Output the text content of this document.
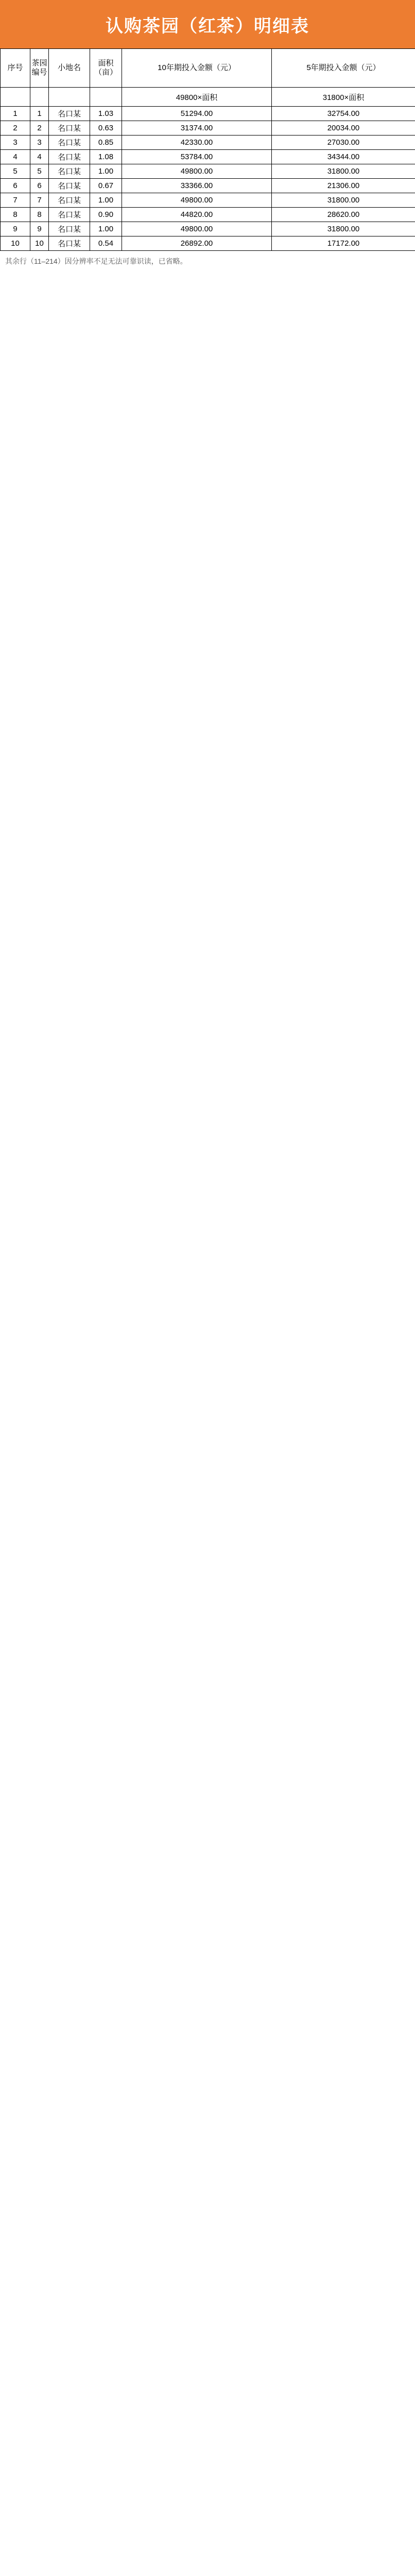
认购茶园（红茶）明细表
序号	茶园编号	小地名	面积（亩）	10年期投入金额（元）	5年期投入金额（元）
				49800×面积	31800×面积
1	1	名口某	1.03	51294.00	32754.00
2	2	名口某	0.63	31374.00	20034.00
3	3	名口某	0.85	42330.00	27030.00
4	4	名口某	1.08	53784.00	34344.00
5	5	名口某	1.00	49800.00	31800.00
6	6	名口某	0.67	33366.00	21306.00
7	7	名口某	1.00	49800.00	31800.00
8	8	名口某	0.90	44820.00	28620.00
9	9	名口某	1.00	49800.00	31800.00
10	10	名口某	0.54	26892.00	17172.00
其余行（11–214）因分辨率不足无法可靠识读，已省略。
